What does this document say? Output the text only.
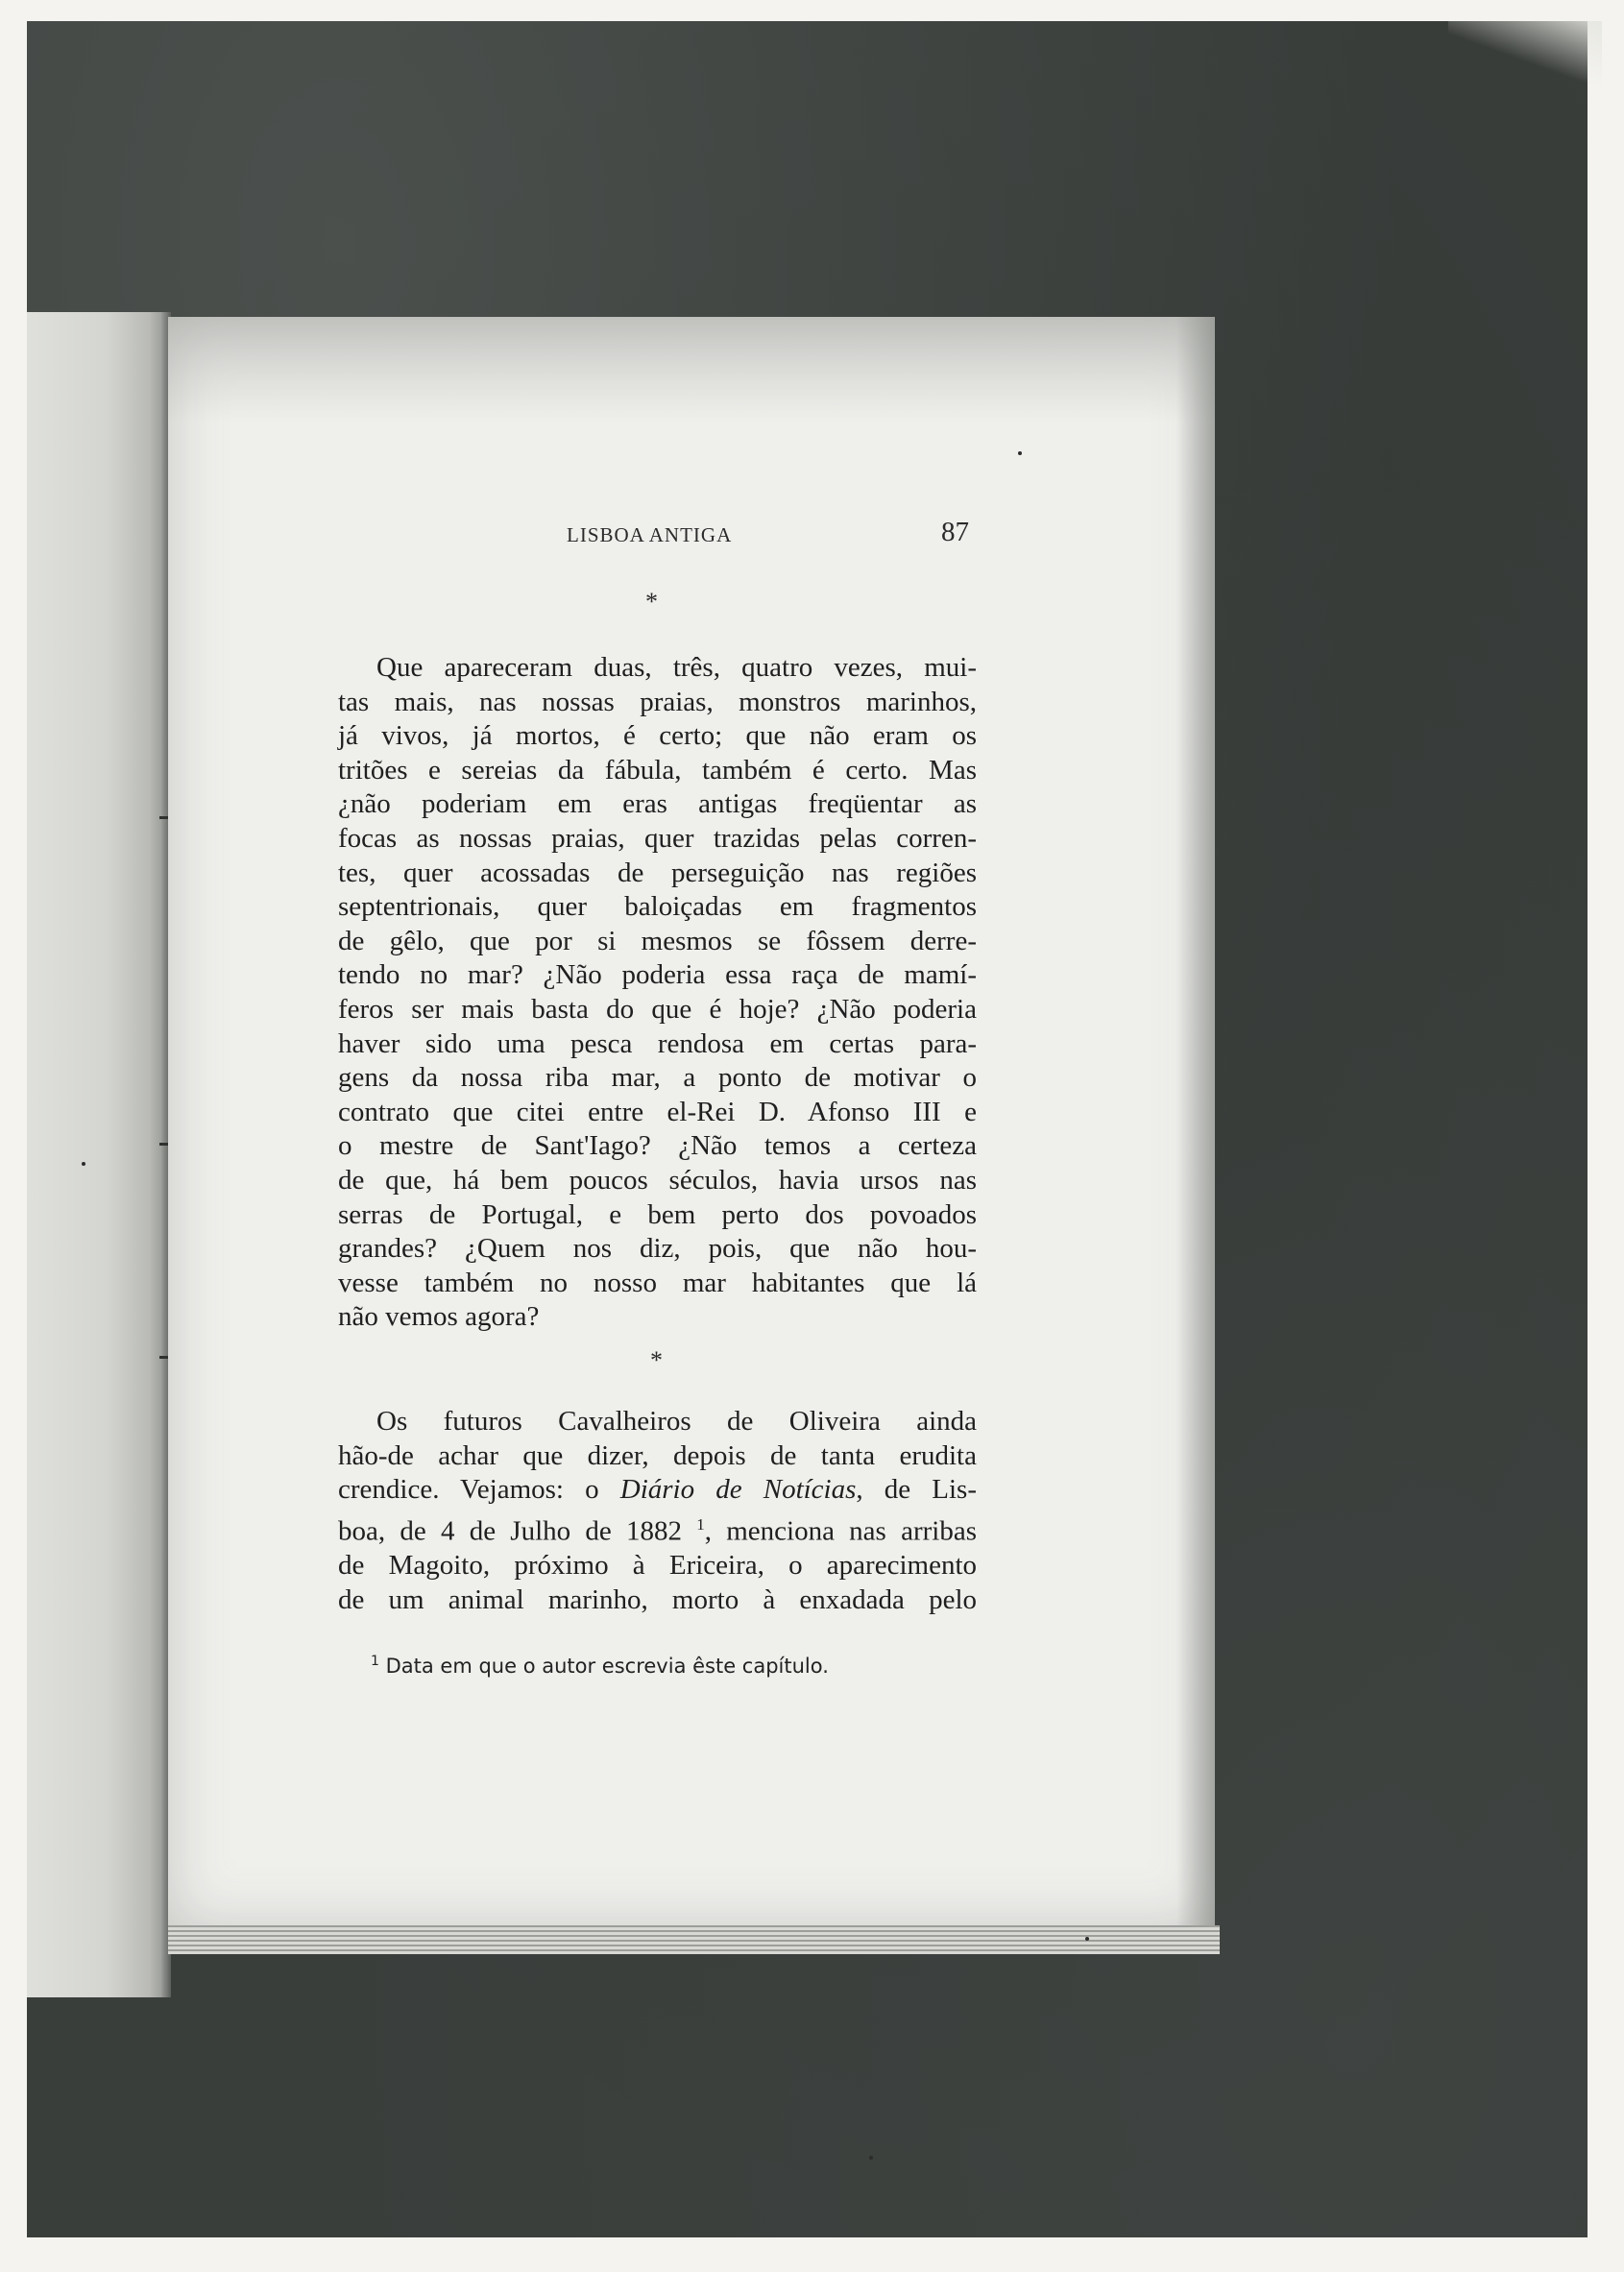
LISBOA ANTIGA	87
*
Que apareceram duas, três, quatro vezes, mui-
tas mais, nas nossas praias, monstros marinhos,
já vivos, já mortos, é certo; que não eram os
tritões e sereias da fábula, também é certo. Mas
¿não poderiam em eras antigas freqüentar as
focas as nossas praias, quer trazidas pelas corren-
tes, quer acossadas de perseguição nas regiões
septentrionais, quer baloiçadas em fragmentos
de gêlo, que por si mesmos se fôssem derre-
tendo no mar? ¿Não poderia essa raça de mamí-
feros ser mais basta do que é hoje? ¿Não poderia
haver sido uma pesca rendosa em certas para-
gens da nossa riba mar, a ponto de motivar o
contrato que citei entre el-Rei D. Afonso III e
o mestre de Sant'Iago? ¿Não temos a certeza
de que, há bem poucos séculos, havia ursos nas
serras de Portugal, e bem perto dos povoados
grandes? ¿Quem nos diz, pois, que não hou-
vesse também no nosso mar habitantes que lá
não vemos agora?
*
Os futuros Cavalheiros de Oliveira ainda
hão-de achar que dizer, depois de tanta erudita
crendice. Vejamos: o Diário de Notícias, de Lis-
boa, de 4 de Julho de 1882 $^1$, menciona nas arribas
de Magoito, próximo à Ericeira, o aparecimento
de um animal marinho, morto à enxadada pelo
$^1$ Data em que o autor escrevia êste capítulo.
